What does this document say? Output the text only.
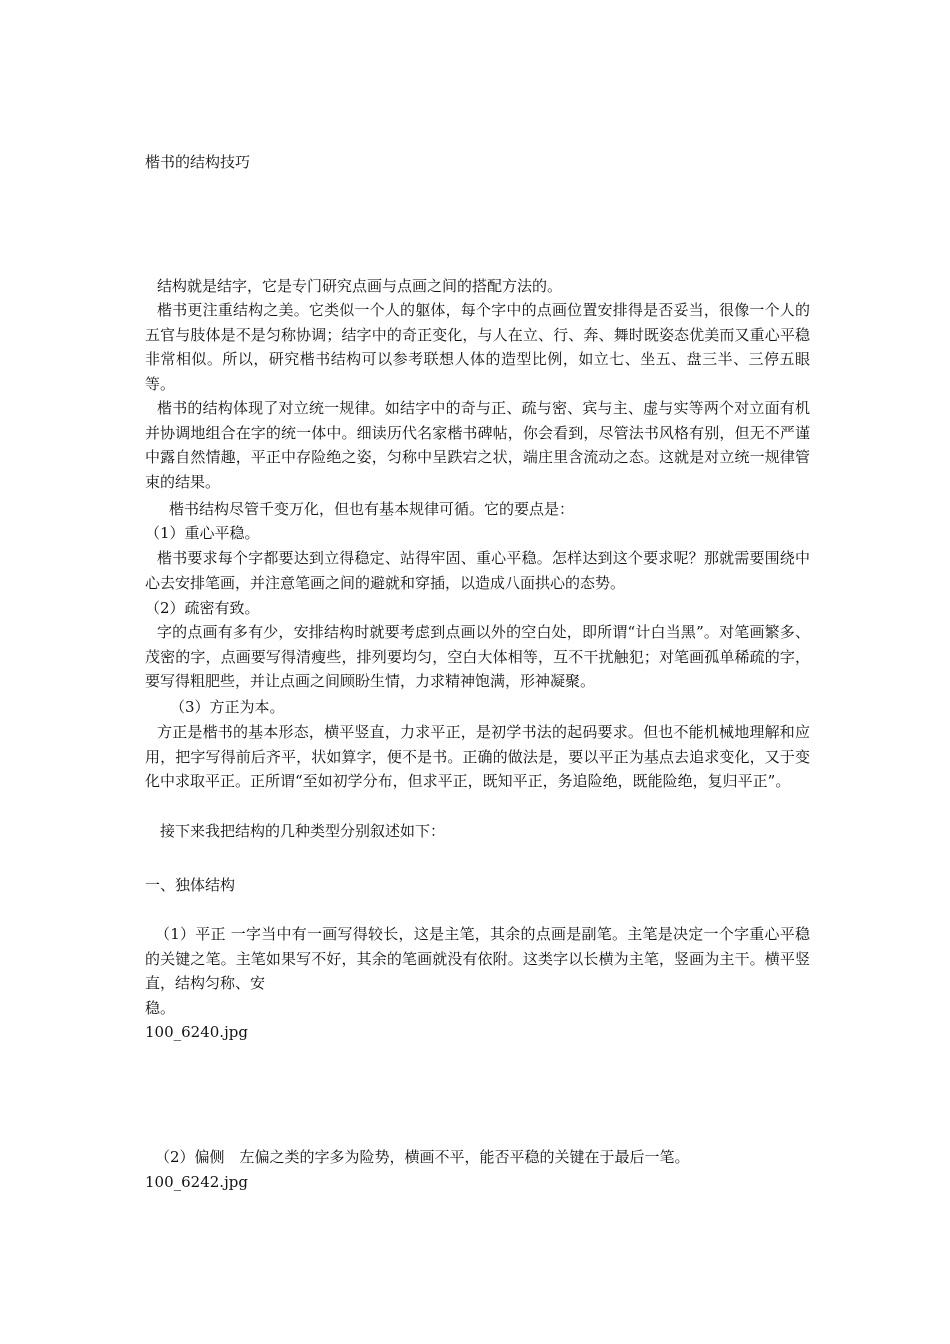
楷书的结构技巧
结构就是结字，它是专门研究点画与点画之间的搭配方法的。
楷书更注重结构之美。它类似一个人的躯体，每个字中的点画位置安排得是否妥当，很像一个人的五官与肢体是不是匀称协调；结字中的奇正变化，与人在立、行、奔、舞时既姿态优美而又重心平稳非常相似。所以，研究楷书结构可以参考联想人体的造型比例，如立七、坐五、盘三半、三停五眼等。
楷书的结构体现了对立统一规律。如结字中的奇与正、疏与密、宾与主、虚与实等两个对立面有机并协调地组合在字的统一体中。细读历代名家楷书碑帖，你会看到，尽管法书风格有别，但无不严谨中露自然情趣，平正中存险绝之姿，匀称中呈跌宕之状，端庄里含流动之态。这就是对立统一规律管束的结果。
楷书结构尽管千变万化，但也有基本规律可循。它的要点是：
（1）重心平稳。
楷书要求每个字都要达到立得稳定、站得牢固、重心平稳。怎样达到这个要求呢？那就需要围绕中心去安排笔画，并注意笔画之间的避就和穿插，以造成八面拱心的态势。
（2）疏密有致。
字的点画有多有少，安排结构时就要考虑到点画以外的空白处，即所谓“计白当黑”。对笔画繁多、茂密的字，点画要写得清瘦些，排列要均匀，空白大体相等，互不干扰触犯；对笔画孤单稀疏的字，要写得粗肥些，并让点画之间顾盼生情，力求精神饱满，形神凝聚。
（3）方正为本。
方正是楷书的基本形态，横平竖直，力求平正，是初学书法的起码要求。但也不能机械地理解和应用，把字写得前后齐平，状如算字，便不是书。正确的做法是，要以平正为基点去追求变化，又于变化中求取平正。正所谓“至如初学分布，但求平正，既知平正，务追险绝，既能险绝，复归平正”。
接下来我把结构的几种类型分别叙述如下：
一、独体结构
（1）平正 一字当中有一画写得较长，这是主笔，其余的点画是副笔。主笔是决定一个字重心平稳的关键之笔。主笔如果写不好，其余的笔画就没有依附。这类字以长横为主笔，竖画为主干。横平竖直，结构匀称、安
稳。
100_6240.jpg
（2）偏侧　左偏之类的字多为险势，横画不平，能否平稳的关键在于最后一笔。
100_6242.jpg
